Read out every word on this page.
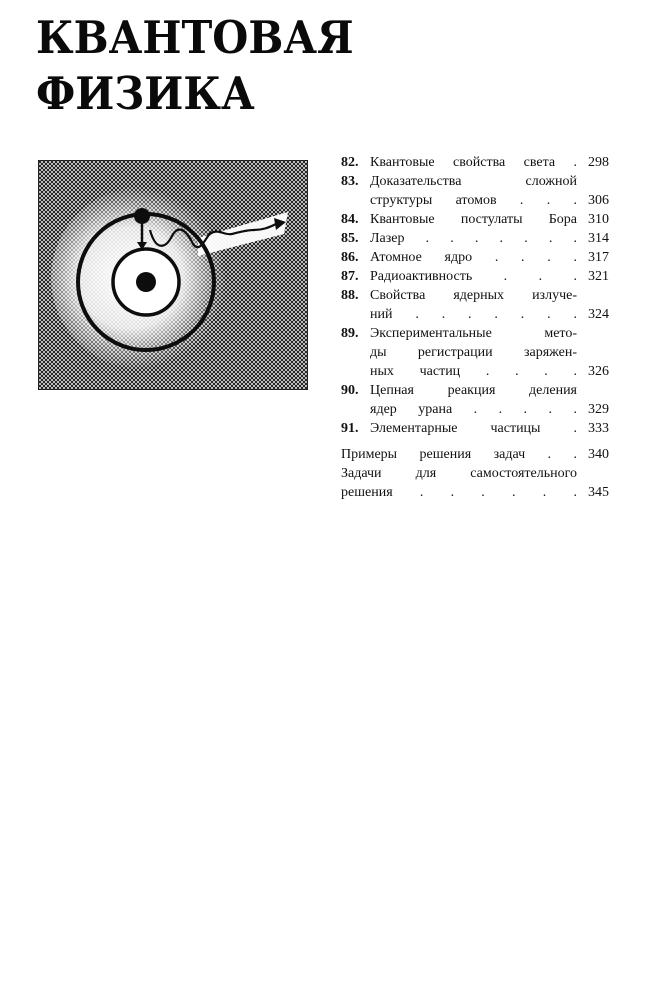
КВАНТОВАЯ
ФИЗИКА
82. Квантовые свойства света . 298
83. Доказательства сложной
структуры атомов . . . 306
84. Квантовые постулаты Бора 310
85. Лазер . . . . . . . 314
86. Атомное ядро . . . . 317
87. Радиоактивность . . . 321
88. Свойства ядерных излуче-
ний . . . . . . . 324
89. Экспериментальные мето-
ды регистрации заряжен-
ных частиц . . . . 326
90. Цепная реакция деления
ядер урана . . . . . 329
91. Элементарные частицы . 333
Примеры решения задач . . 340
Задачи для самостоятельного
решения . . . . . . 345
